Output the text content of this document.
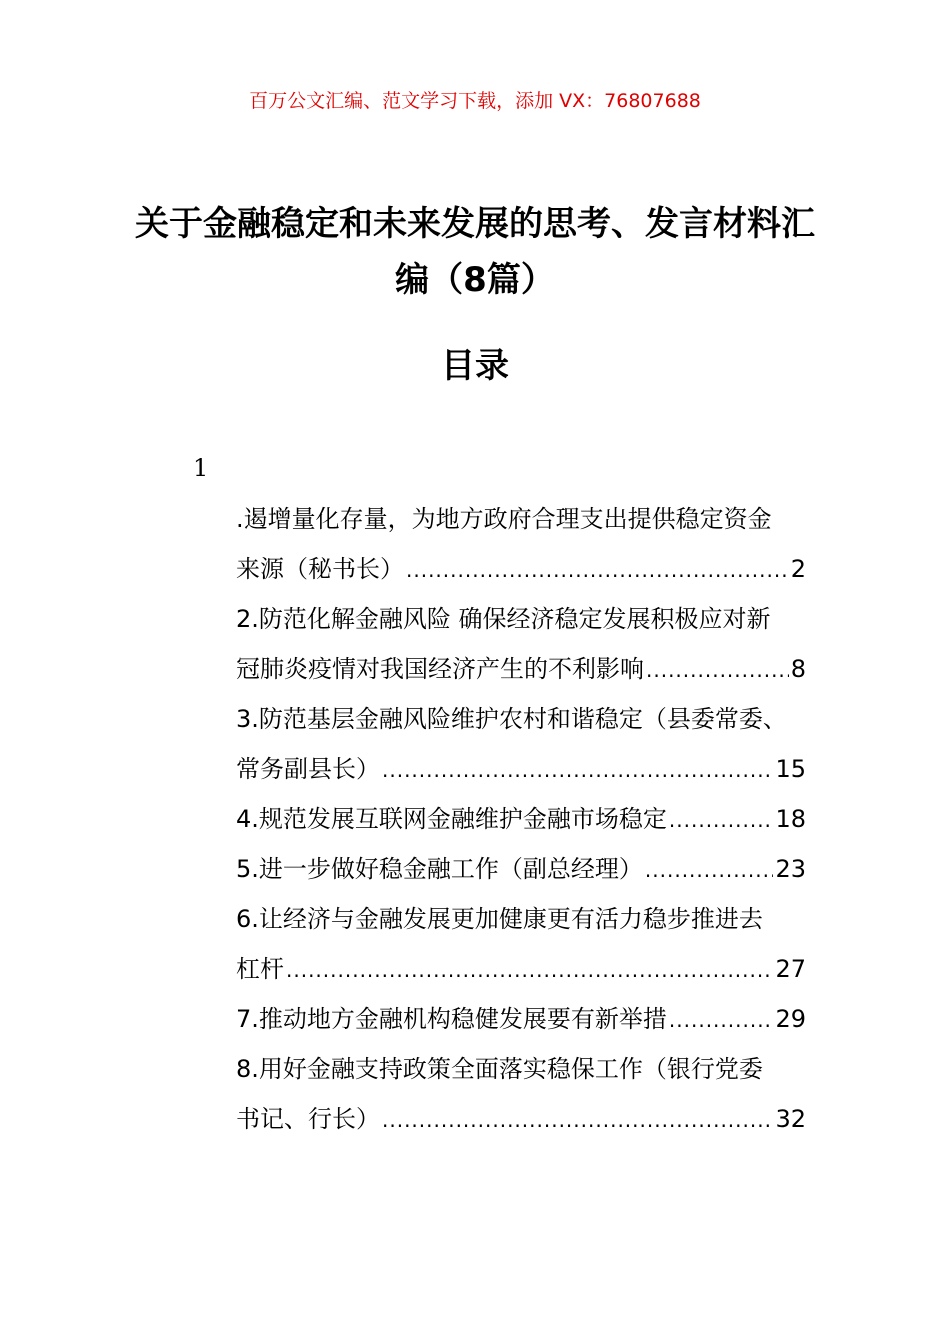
百万公文汇编、范文学习下载，添加 VX：76807688
关于金融稳定和未来发展的思考、发言材料汇编（8篇）
目录
1
.遏增量化存量，为地方政府合理支出提供稳定资金
来源（秘书长） .....	2
2.防范化解金融风险 确保经济稳定发展积极应对新
冠肺炎疫情对我国经济产生的不利影响 .....	8
3.防范基层金融风险维护农村和谐稳定（县委常委、
常务副县长） .....	15
4.规范发展互联网金融维护金融市场稳定 .....	18
5.进一步做好稳金融工作（副总经理） .....	23
6.让经济与金融发展更加健康更有活力稳步推进去
杠杆 .....	27
7.推动地方金融机构稳健发展要有新举措 .....	29
8.用好金融支持政策全面落实稳保工作（银行党委
书记、行长） .....	32
